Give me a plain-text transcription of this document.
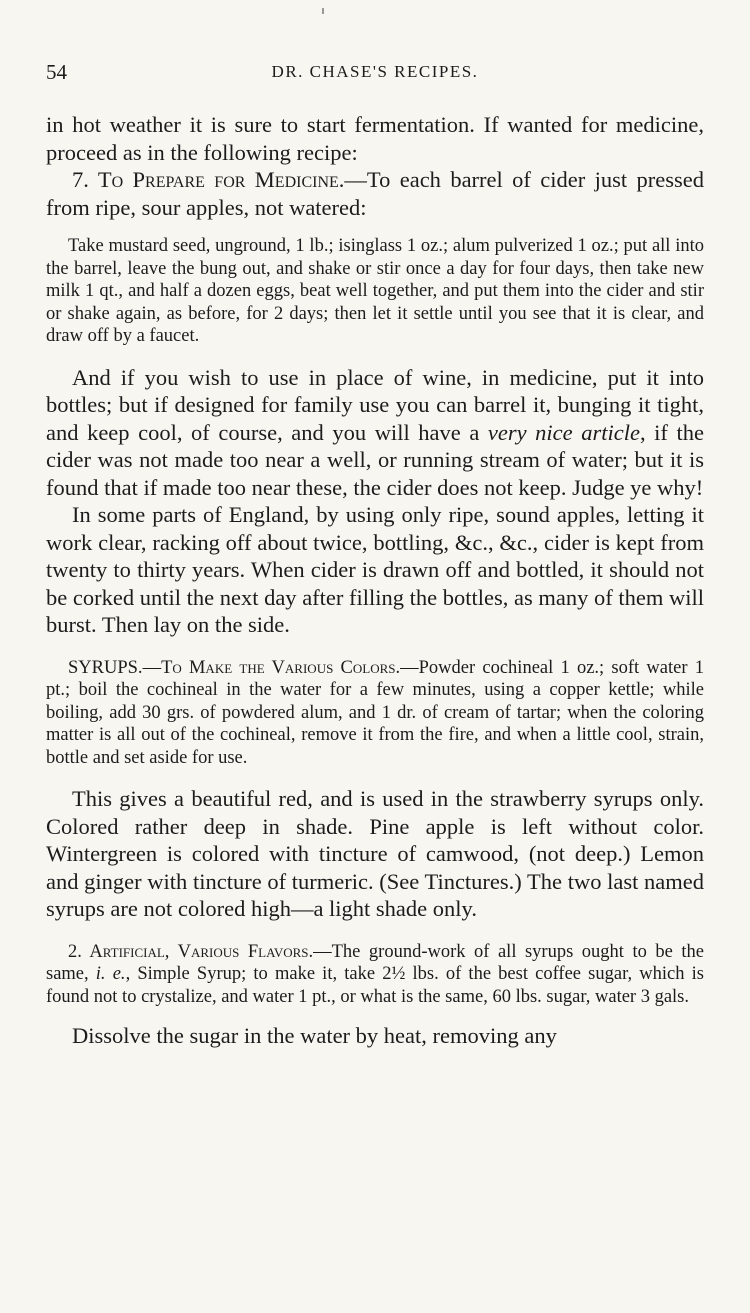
54	DR. CHASE'S RECIPES.

in hot weather it is sure to start fermentation. If wanted for medicine, proceed as in the following recipe:

7. To Prepare for Medicine.—To each barrel of cider just pressed from ripe, sour apples, not watered:

Take mustard seed, unground, 1 lb.; isinglass 1 oz.; alum pulverized 1 oz.; put all into the barrel, leave the bung out, and shake or stir once a day for four days, then take new milk 1 qt., and half a dozen eggs, beat well together, and put them into the cider and stir or shake again, as before, for 2 days; then let it settle until you see that it is clear, and draw off by a faucet.

And if you wish to use in place of wine, in medicine, put it into bottles; but if designed for family use you can barrel it, bunging it tight, and keep cool, of course, and you will have a very nice article, if the cider was not made too near a well, or running stream of water; but it is found that if made too near these, the cider does not keep. Judge ye why!

In some parts of England, by using only ripe, sound apples, letting it work clear, racking off about twice, bottling, &c., &c., cider is kept from twenty to thirty years. When cider is drawn off and bottled, it should not be corked until the next day after filling the bottles, as many of them will burst. Then lay on the side.

SYRUPS.—To Make the Various Colors.—Powder cochineal 1 oz.; soft water 1 pt.; boil the cochineal in the water for a few minutes, using a copper kettle; while boiling, add 30 grs. of powdered alum, and 1 dr. of cream of tartar; when the coloring matter is all out of the cochineal, remove it from the fire, and when a little cool, strain, bottle and set aside for use.

This gives a beautiful red, and is used in the strawberry syrups only. Colored rather deep in shade. Pine apple is left without color. Wintergreen is colored with tincture of camwood, (not deep.) Lemon and ginger with tincture of turmeric. (See Tinctures.) The two last named syrups are not colored high—a light shade only.

2. Artificial, Various Flavors.—The ground-work of all syrups ought to be the same, i. e., Simple Syrup; to make it, take 2½ lbs. of the best coffee sugar, which is found not to crystalize, and water 1 pt., or what is the same, 60 lbs. sugar, water 3 gals.

Dissolve the sugar in the water by heat, removing any
